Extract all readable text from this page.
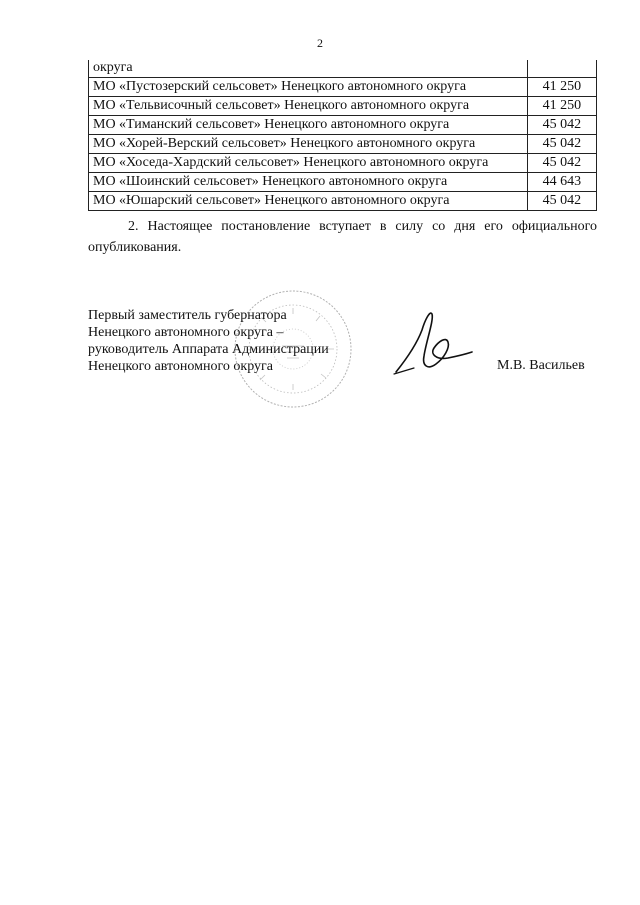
2
округа	
МО «Пустозерский сельсовет» Ненецкого автономного округа	41 250
МО «Тельвисочный сельсовет» Ненецкого автономного округа	41 250
МО «Тиманский сельсовет» Ненецкого автономного округа	45 042
МО «Хорей-Верский сельсовет» Ненецкого автономного округа	45 042
МО «Хоседа-Хардский сельсовет» Ненецкого автономного округа	45 042
МО «Шоинский сельсовет» Ненецкого автономного округа	44 643
МО «Юшарский сельсовет» Ненецкого автономного округа	45 042
2. Настоящее постановление вступает в силу со дня его официального опубликования.
Первый заместитель губернатора
Ненецкого автономного округа –
руководитель Аппарата Администрации
Ненецкого автономного округа	М.В. Васильев
